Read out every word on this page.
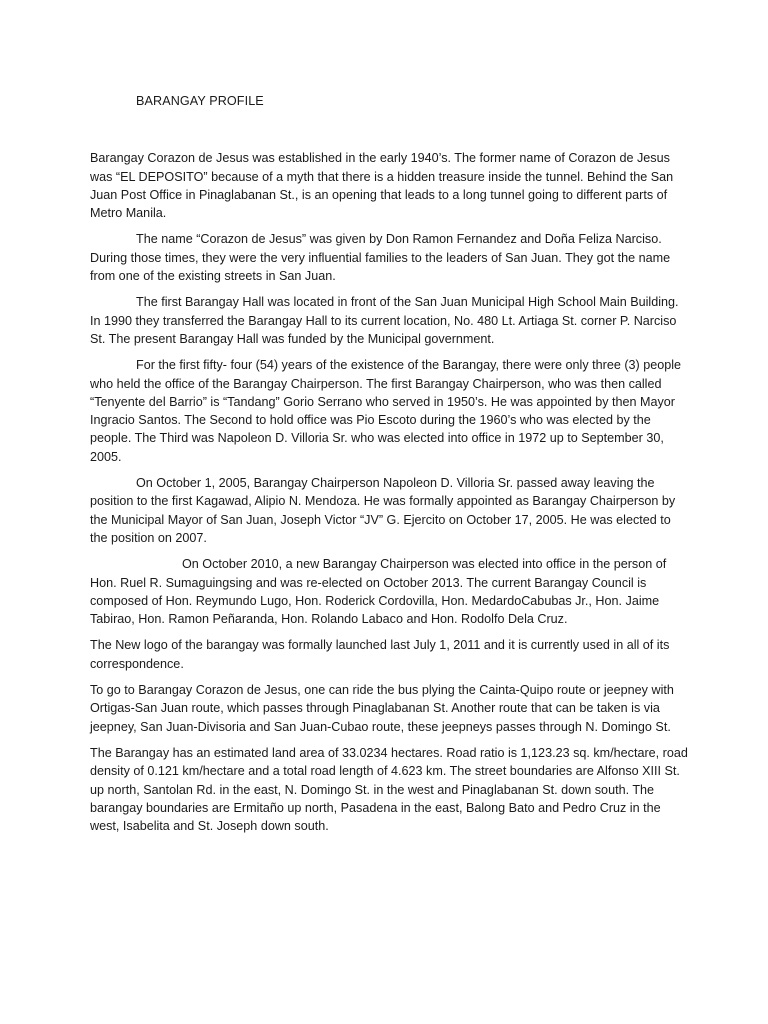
BARANGAY PROFILE

Barangay Corazon de Jesus was established in the early 1940’s. The former name of Corazon de Jesus was “EL DEPOSITO” because of a myth that there is a hidden treasure inside the tunnel. Behind the San Juan Post Office in Pinaglabanan St., is an opening that leads to a long tunnel going to different parts of Metro Manila.

The name “Corazon de Jesus” was given by Don Ramon Fernandez and Doña Feliza Narciso. During those times, they were the very influential families to the leaders of San Juan. They got the name from one of the existing streets in San Juan.

The first Barangay Hall was located in front of the San Juan Municipal High School Main Building. In 1990 they transferred the Barangay Hall to its current location, No. 480 Lt. Artiaga St. corner P. Narciso St. The present Barangay Hall was funded by the Municipal government.

For the first fifty- four (54) years of the existence of the Barangay, there were only three (3) people who held the office of the Barangay Chairperson. The first Barangay Chairperson, who was then called “Tenyente del Barrio” is “Tandang” Gorio Serrano who served in 1950’s. He was appointed by then Mayor Ingracio Santos. The Second to hold office was Pio Escoto during the 1960’s who was elected by the people. The Third was Napoleon D. Villoria Sr. who was elected into office in 1972 up to September 30, 2005.

On October 1, 2005, Barangay Chairperson Napoleon D. Villoria Sr. passed away leaving the position to the first Kagawad, Alipio N. Mendoza. He was formally appointed as Barangay Chairperson by the Municipal Mayor of San Juan, Joseph Victor “JV” G. Ejercito on October 17, 2005. He was elected to the position on 2007.

On October 2010, a new Barangay Chairperson was elected into office in the person of Hon. Ruel R. Sumaguingsing and was re-elected on October 2013. The current Barangay Council is composed of Hon. Reymundo Lugo, Hon. Roderick Cordovilla, Hon. MedardoCabubas Jr., Hon. Jaime Tabirao, Hon. Ramon Peñaranda, Hon. Rolando Labaco and Hon. Rodolfo Dela Cruz.

The New logo of the barangay was formally launched last July 1, 2011 and it is currently used in all of its correspondence.

To go to Barangay Corazon de Jesus, one can ride the bus plying the Cainta-Quipo route or jeepney with Ortigas-San Juan route, which passes through Pinaglabanan St. Another route that can be taken is via jeepney, San Juan-Divisoria and San Juan-Cubao route, these jeepneys passes through N. Domingo St.

The Barangay has an estimated land area of 33.0234 hectares. Road ratio is 1,123.23 sq. km/hectare, road density of 0.121 km/hectare and a total road length of 4.623 km. The street boundaries are Alfonso XIII St. up north, Santolan Rd. in the east, N. Domingo St. in the west and Pinaglabanan St. down south. The barangay boundaries are Ermitaño up north, Pasadena in the east, Balong Bato and Pedro Cruz in the west, Isabelita and St. Joseph down south.
